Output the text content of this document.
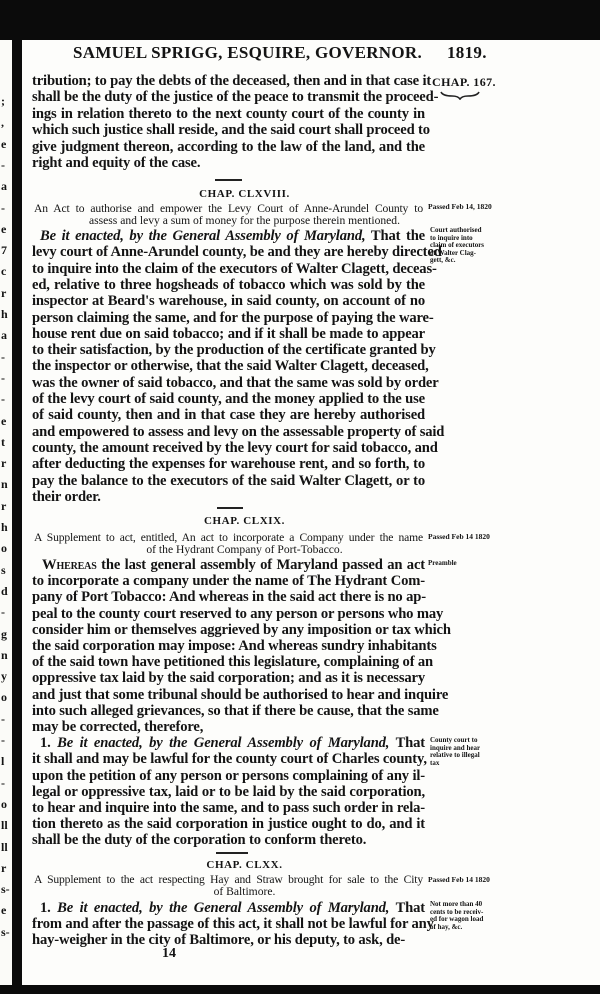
SAMUEL SPRIGG, ESQUIRE, GOVERNOR. 1819.
CHAP. 167.
14
;
,
e
-
a
-
e
7
c
r
h
a
-
-
-
e
t
r
n
r
h
o
s
d
-
g
n
y
o
-
-
l
-
o
ll
ll
r
s-
e
s-
tribution; to pay the debts of the deceased, then and in that case it
shall be the duty of the justice of the peace to transmit the proceed-
ings in relation thereto to the next county court of the county in
which such justice shall reside, and the said court shall proceed to
give judgment thereon, according to the law of the land, and the
right and equity of the case.
Be it enacted, by the General Assembly of Maryland, That the
levy court of Anne-Arundel county, be and they are hereby directed
to inquire into the claim of the executors of Walter Clagett, deceas-
ed, relative to three hogsheads of tobacco which was sold by the
inspector at Beard's warehouse, in said county, on account of no
person claiming the same, and for the purpose of paying the ware-
house rent due on said tobacco; and if it shall be made to appear
to their satisfaction, by the production of the certificate granted by
the inspector or otherwise, that the said Walter Clagett, deceased,
was the owner of said tobacco, and that the same was sold by order
of the levy court of said county, and the money applied to the use
of said county, then and in that case they are hereby authorised
and empowered to assess and levy on the assessable property of said
county, the amount received by the levy court for said tobacco, and
after deducting the expenses for warehouse rent, and so forth, to
pay the balance to the executors of the said Walter Clagett, or to
their order.
Whereas the last general assembly of Maryland passed an act
to incorporate a company under the name of The Hydrant Com-
pany of Port Tobacco: And whereas in the said act there is no ap-
peal to the county court reserved to any person or persons who may
consider him or themselves aggrieved by any imposition or tax which
the said corporation may impose: And whereas sundry inhabitants
of the said town have petitioned this legislature, complaining of an
oppressive tax laid by the said corporation; and as it is necessary
and just that some tribunal should be authorised to hear and inquire
into such alleged grievances, so that if there be cause, that the same
may be corrected, therefore,
1. Be it enacted, by the General Assembly of Maryland, That
it shall and may be lawful for the county court of Charles county,
upon the petition of any person or persons complaining of any il-
legal or oppressive tax, laid or to be laid by the said corporation,
to hear and inquire into the same, and to pass such order in rela-
tion thereto as the said corporation in justice ought to do, and it
shall be the duty of the corporation to conform thereto.
1. Be it enacted, by the General Assembly of Maryland, That
from and after the passage of this act, it shall not be lawful for any
hay-weigher in the city of Baltimore, or his deputy, to ask, de-
CHAP. CLXVIII.
An Act to authorise and empower the Levy Court of Anne-Arundel County to
assess and levy a sum of money for the purpose therein mentioned.
Passed Feb 14, 1820
CHAP. CLXIX.
A Supplement to act, entitled, An act to incorporate a Company under the name
of the Hydrant Company of Port-Tobacco.
Passed Feb 14 1820
CHAP. CLXX.
A Supplement to the act respecting Hay and Straw brought for sale to the City
of Baltimore.
Passed Feb 14 1820
Court authorised
to inquire into
claim of executors
of Walter Clag-
gett, &c.
County court to
inquire and hear
relative to illegal
tax
Not more than 40
cents to be receiv-
ed for wagon load
of hay, &c.
Preamble
